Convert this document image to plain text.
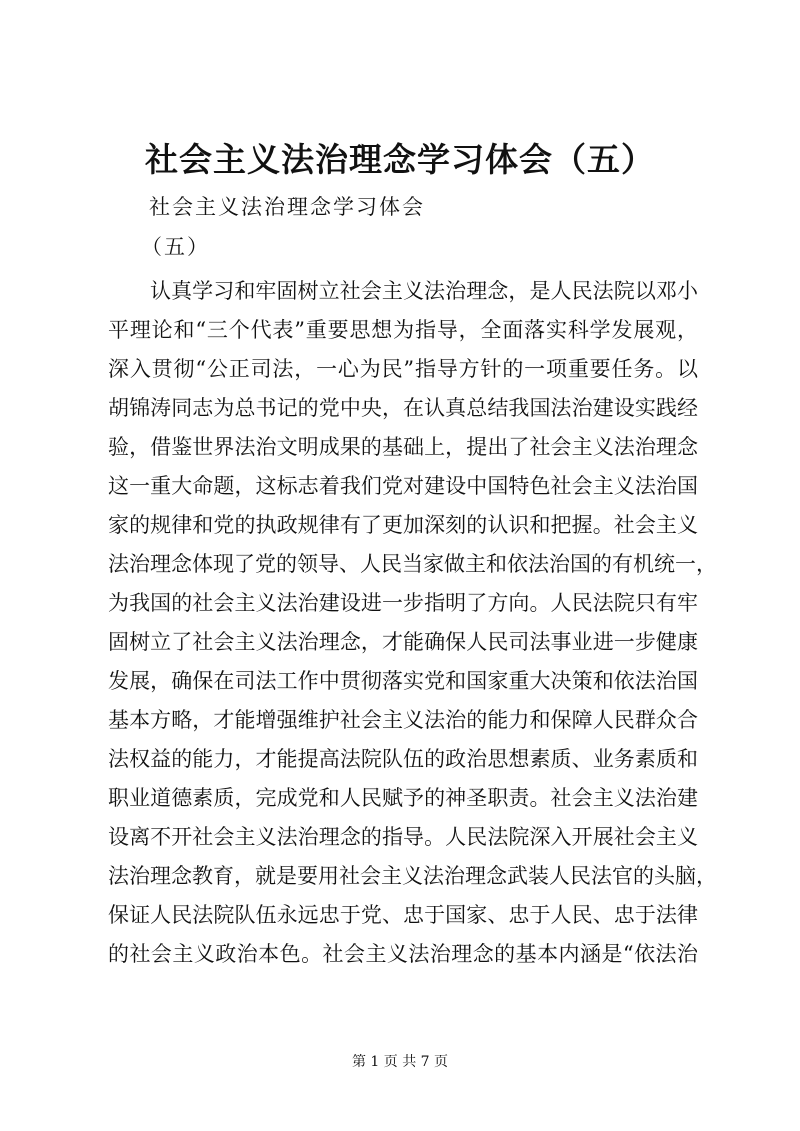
社会主义法治理念学习体会（五）

社会主义法治理念学习体会

（五）

认真学习和牢固树立社会主义法治理念，是人民法院以邓小
平理论和“三个代表”重要思想为指导，全面落实科学发展观，
深入贯彻“公正司法，一心为民”指导方针的一项重要任务。以
胡锦涛同志为总书记的党中央，在认真总结我国法治建设实践经
验，借鉴世界法治文明成果的基础上，提出了社会主义法治理念
这一重大命题，这标志着我们党对建设中国特色社会主义法治国
家的规律和党的执政规律有了更加深刻的认识和把握。社会主义
法治理念体现了党的领导、人民当家做主和依法治国的有机统一，
为我国的社会主义法治建设进一步指明了方向。人民法院只有牢
固树立了社会主义法治理念，才能确保人民司法事业进一步健康
发展，确保在司法工作中贯彻落实党和国家重大决策和依法治国
基本方略，才能增强维护社会主义法治的能力和保障人民群众合
法权益的能力，才能提高法院队伍的政治思想素质、业务素质和
职业道德素质，完成党和人民赋予的神圣职责。社会主义法治建
设离不开社会主义法治理念的指导。人民法院深入开展社会主义
法治理念教育，就是要用社会主义法治理念武装人民法官的头脑，
保证人民法院队伍永远忠于党、忠于国家、忠于人民、忠于法律
的社会主义政治本色。社会主义法治理念的基本内涵是“依法治
第 1 页 共 7 页
